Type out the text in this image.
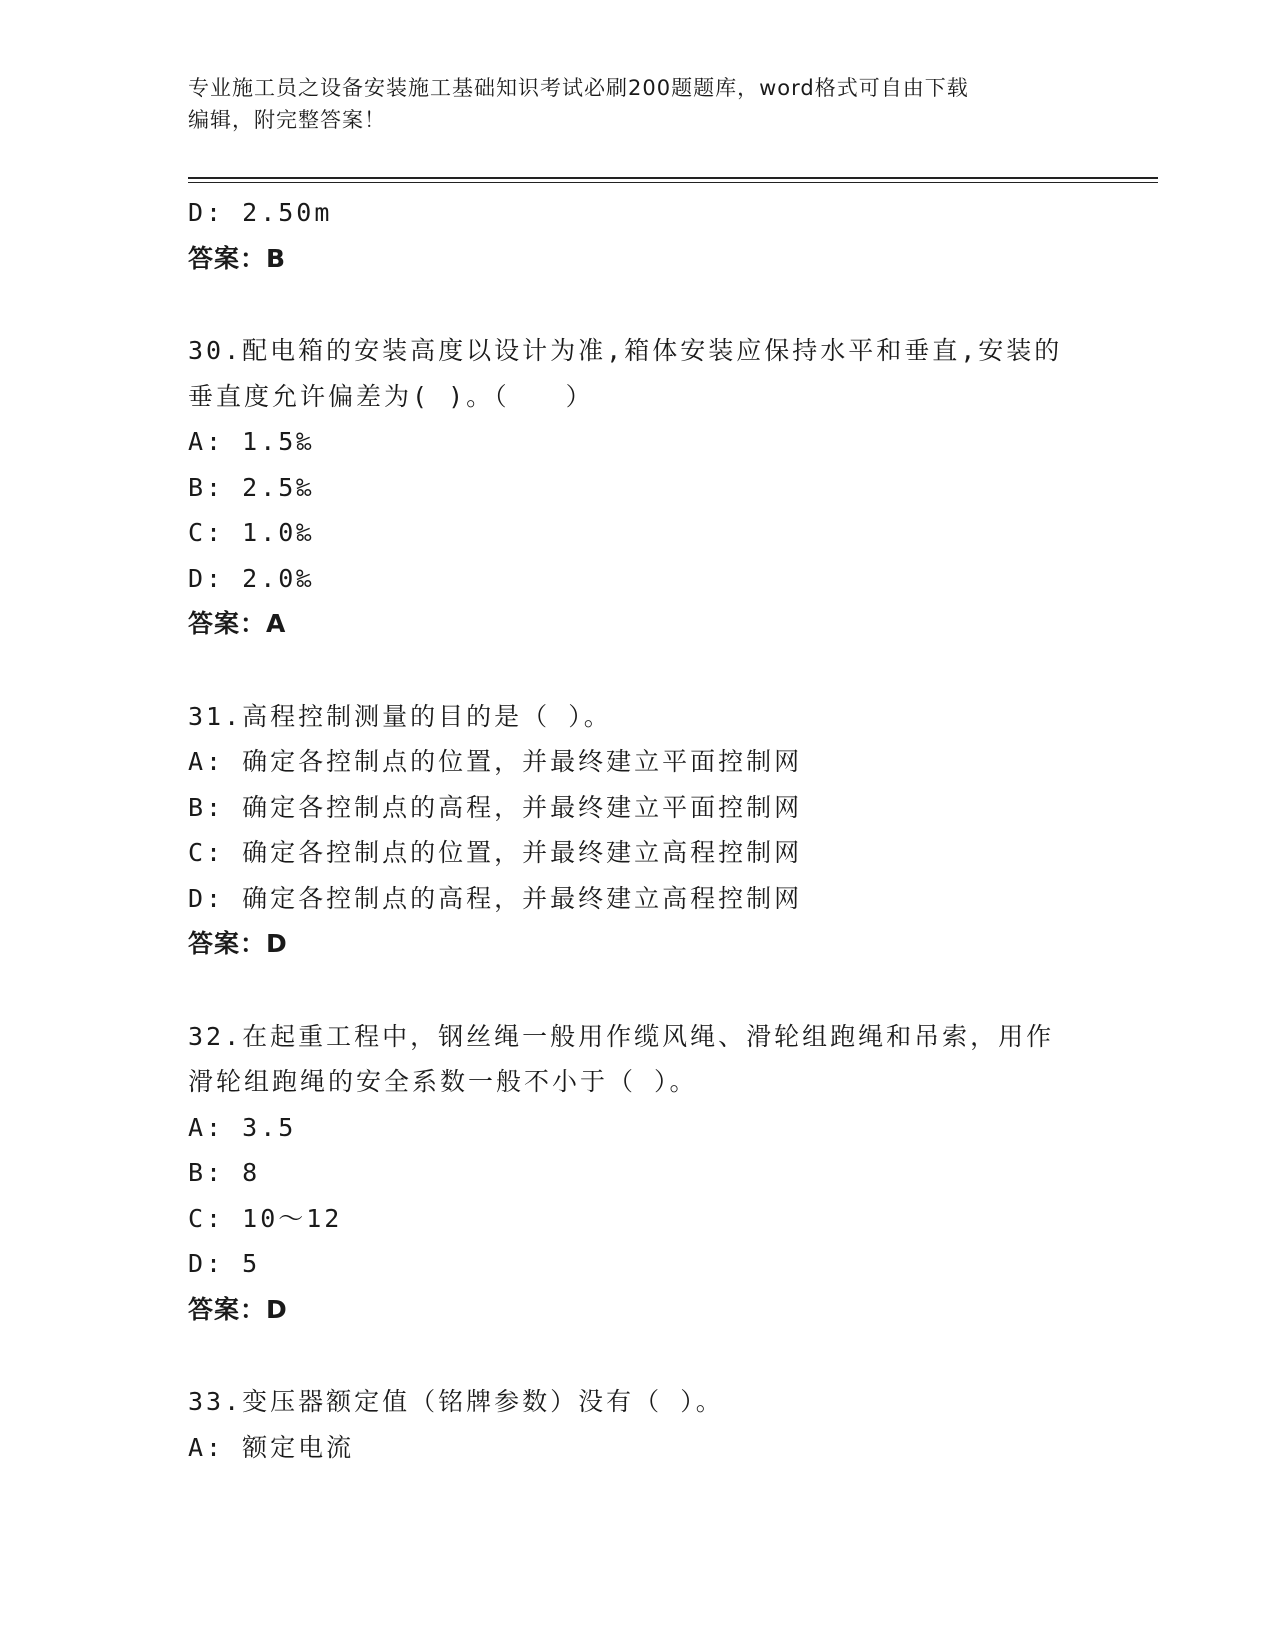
专业施工员之设备安装施工基础知识考试必刷200题题库，word格式可自由下载
编辑，附完整答案！
D: 2.50m
答案：B
30.配电箱的安装高度以设计为准,箱体安装应保持水平和垂直,安装的
垂直度允许偏差为( )。（　　）
A: 1.5‰
B: 2.5‰
C: 1.0‰
D: 2.0‰
答案：A
31.高程控制测量的目的是（ ）。
A: 确定各控制点的位置，并最终建立平面控制网
B: 确定各控制点的高程，并最终建立平面控制网
C: 确定各控制点的位置，并最终建立高程控制网
D: 确定各控制点的高程，并最终建立高程控制网
答案：D
32.在起重工程中，钢丝绳一般用作缆风绳、滑轮组跑绳和吊索，用作
滑轮组跑绳的安全系数一般不小于（ ）。
A: 3.5
B: 8
C: 10～12
D: 5
答案：D
33.变压器额定值（铭牌参数）没有（ ）。
A: 额定电流
